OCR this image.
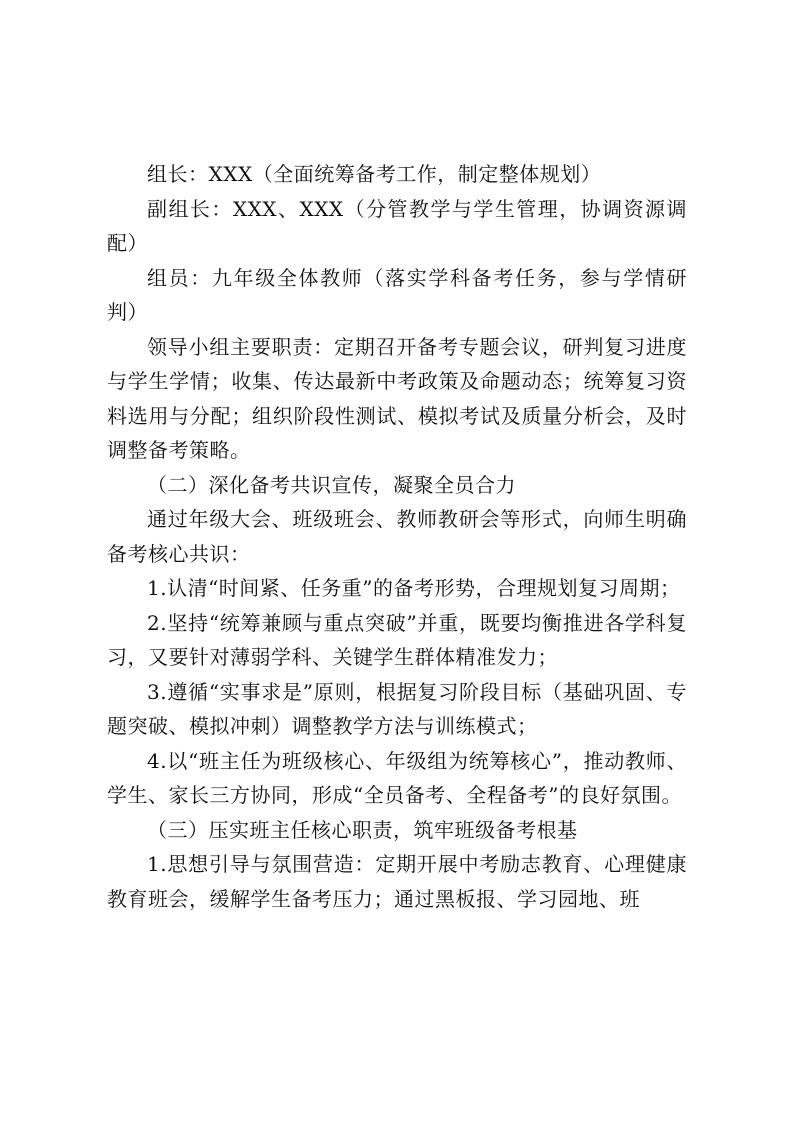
组长：XXX（全面统筹备考工作，制定整体规划）

副组长：XXX、XXX（分管教学与学生管理，协调资源调配）

组员：九年级全体教师（落实学科备考任务，参与学情研判）

领导小组主要职责：定期召开备考专题会议，研判复习进度与学生学情；收集、传达最新中考政策及命题动态；统筹复习资料选用与分配；组织阶段性测试、模拟考试及质量分析会，及时调整备考策略。

（二）深化备考共识宣传，凝聚全员合力

通过年级大会、班级班会、教师教研会等形式，向师生明确备考核心共识：

1.认清“时间紧、任务重”的备考形势，合理规划复习周期；

2.坚持“统筹兼顾与重点突破”并重，既要均衡推进各学科复习，又要针对薄弱学科、关键学生群体精准发力；

3.遵循“实事求是”原则，根据复习阶段目标（基础巩固、专题突破、模拟冲刺）调整教学方法与训练模式；

4.以“班主任为班级核心、年级组为统筹核心”，推动教师、学生、家长三方协同，形成“全员备考、全程备考”的良好氛围。

（三）压实班主任核心职责，筑牢班级备考根基

1.思想引导与氛围营造：定期开展中考励志教育、心理健康教育班会，缓解学生备考压力；通过黑板报、学习园地、班
